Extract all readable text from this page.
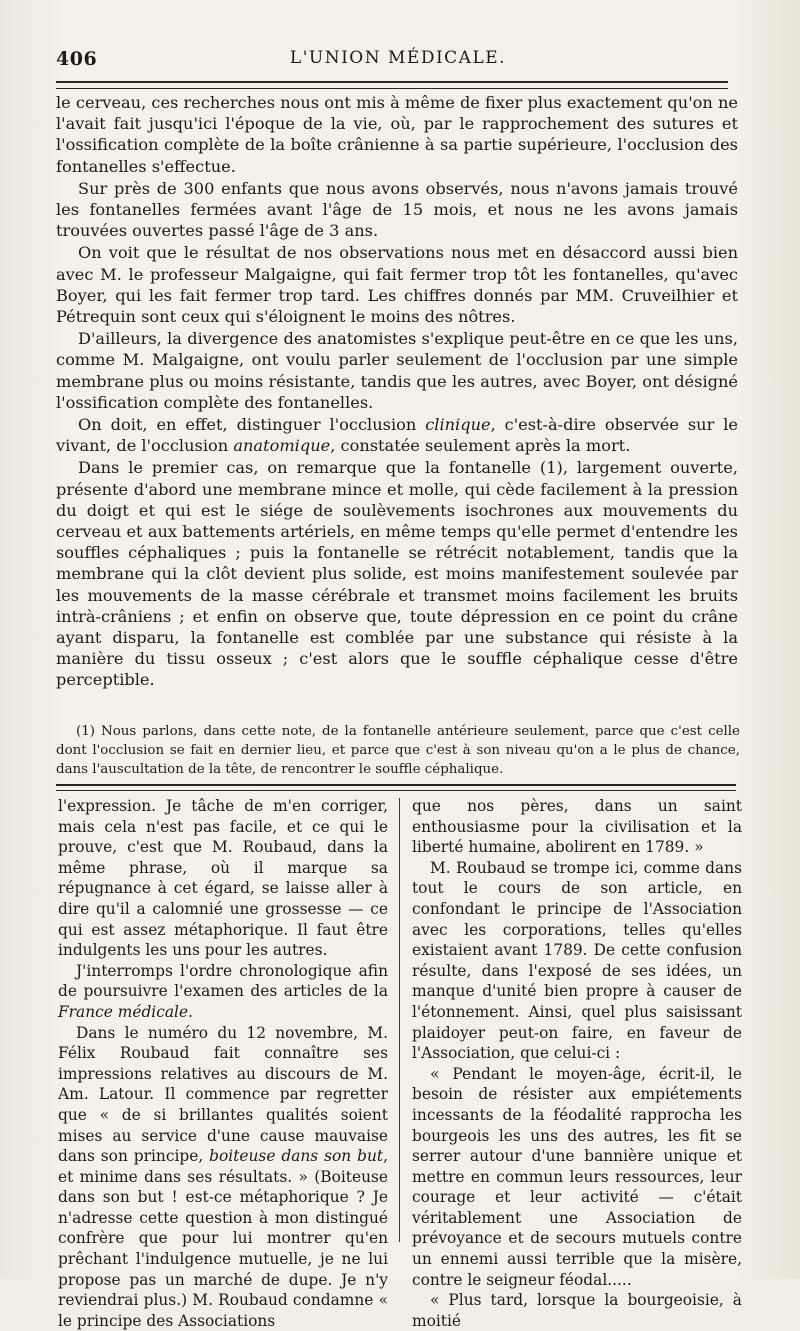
406	L'UNION MÉDICALE.

le cerveau, ces recherches nous ont mis à même de fixer plus exactement qu'on ne l'avait fait jusqu'ici l'époque de la vie, où, par le rapprochement des sutures et l'ossification complète de la boîte crânienne à sa partie supérieure, l'occlusion des fontanelles s'effectue.

Sur près de 300 enfants que nous avons observés, nous n'avons jamais trouvé les fontanelles fermées avant l'âge de 15 mois, et nous ne les avons jamais trouvées ouvertes passé l'âge de 3 ans.

On voit que le résultat de nos observations nous met en désaccord aussi bien avec M. le professeur Malgaigne, qui fait fermer trop tôt les fontanelles, qu'avec Boyer, qui les fait fermer trop tard. Les chiffres donnés par MM. Cruveilhier et Pétrequin sont ceux qui s'éloignent le moins des nôtres.

D'ailleurs, la divergence des anatomistes s'explique peut-être en ce que les uns, comme M. Malgaigne, ont voulu parler seulement de l'occlusion par une simple membrane plus ou moins résistante, tandis que les autres, avec Boyer, ont désigné l'ossification complète des fontanelles.

On doit, en effet, distinguer l'occlusion clinique, c'est-à-dire observée sur le vivant, de l'occlusion anatomique, constatée seulement après la mort.

Dans le premier cas, on remarque que la fontanelle (1), largement ouverte, présente d'abord une membrane mince et molle, qui cède facilement à la pression du doigt et qui est le siége de soulèvements isochrones aux mouvements du cerveau et aux battements artériels, en même temps qu'elle permet d'entendre les souffles céphaliques ; puis la fontanelle se rétrécit notablement, tandis que la membrane qui la clôt devient plus solide, est moins manifestement soulevée par les mouvements de la masse cérébrale et transmet moins facilement les bruits intrà-crâniens ; et enfin on observe que, toute dépression en ce point du crâne ayant disparu, la fontanelle est comblée par une substance qui résiste à la manière du tissu osseux ; c'est alors que le souffle céphalique cesse d'être perceptible.

(1) Nous parlons, dans cette note, de la fontanelle antérieure seulement, parce que c'est celle dont l'occlusion se fait en dernier lieu, et parce que c'est à son niveau qu'on a le plus de chance, dans l'auscultation de la tête, de rencontrer le souffle céphalique.

l'expression. Je tâche de m'en corriger, mais cela n'est pas facile, et ce qui le prouve, c'est que M. Roubaud, dans la même phrase, où il marque sa répugnance à cet égard, se laisse aller à dire qu'il a calomnié une grossesse — ce qui est assez métaphorique. Il faut être indulgents les uns pour les autres.

J'interromps l'ordre chronologique afin de poursuivre l'examen des articles de la France médicale.

Dans le numéro du 12 novembre, M. Félix Roubaud fait connaître ses impressions relatives au discours de M. Am. Latour. Il commence par regretter que « de si brillantes qualités soient mises au service d'une cause mauvaise dans son principe, boiteuse dans son but, et minime dans ses résultats. » (Boiteuse dans son but ! est-ce métaphorique ? Je n'adresse cette question à mon distingué confrère que pour lui montrer qu'en prêchant l'indulgence mutuelle, je ne lui propose pas un marché de dupe. Je n'y reviendrai plus.) M. Roubaud condamne « le principe des Associations

que nos pères, dans un saint enthousiasme pour la civilisation et la liberté humaine, abolirent en 1789. »

M. Roubaud se trompe ici, comme dans tout le cours de son article, en confondant le principe de l'Association avec les corporations, telles qu'elles existaient avant 1789. De cette confusion résulte, dans l'exposé de ses idées, un manque d'unité bien propre à causer de l'étonnement. Ainsi, quel plus saisissant plaidoyer peut-on faire, en faveur de l'Association, que celui-ci :

« Pendant le moyen-âge, écrit-il, le besoin de résister aux empiétements incessants de la féodalité rapprocha les bourgeois les uns des autres, les fit se serrer autour d'une bannière unique et mettre en commun leurs ressources, leur courage et leur activité — c'était véritablement une Association de prévoyance et de secours mutuels contre un ennemi aussi terrible que la misère, contre le seigneur féodal.....

« Plus tard, lorsque la bourgeoisie, à moitié
